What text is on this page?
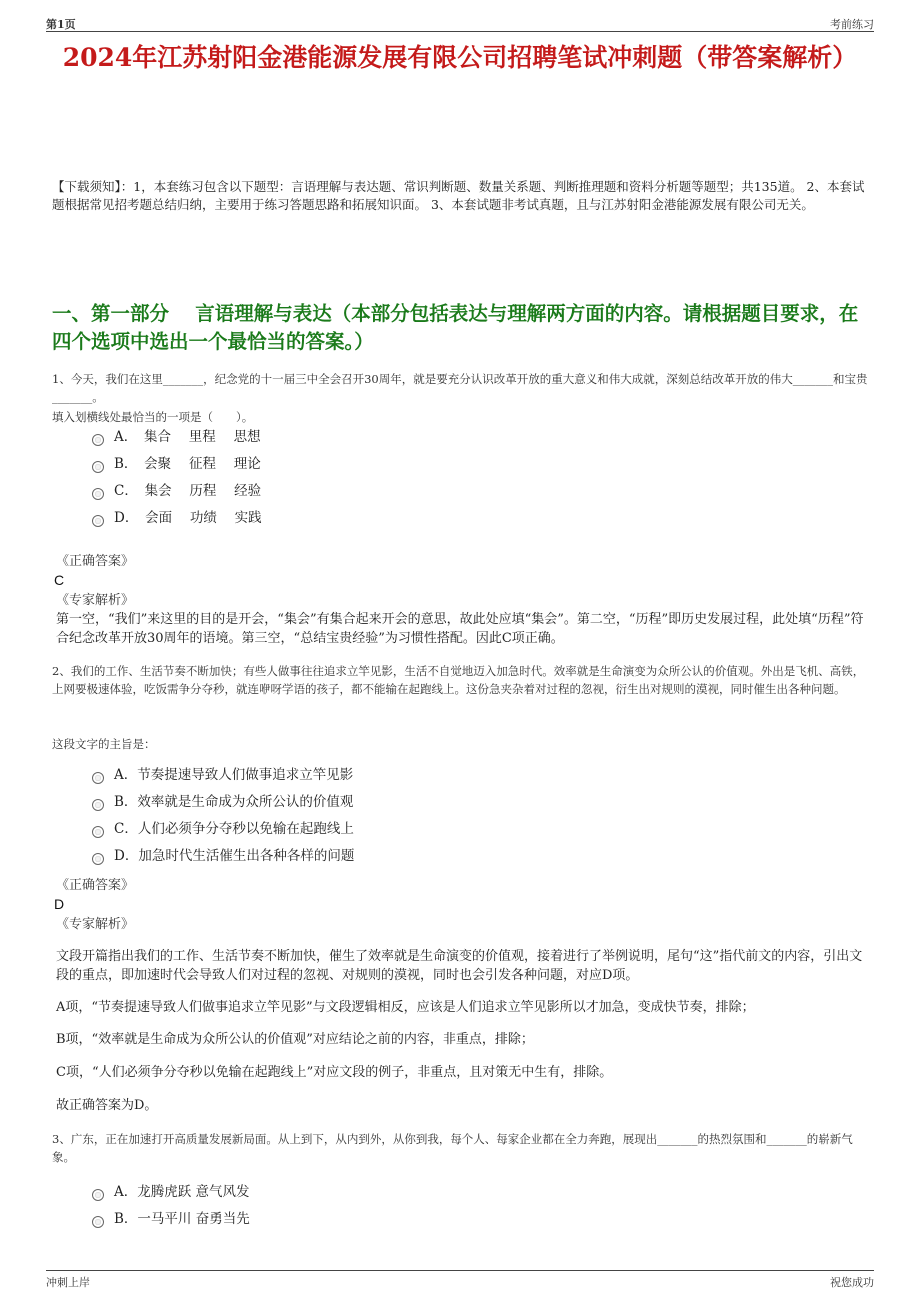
第1页	考前练习
2024年江苏射阳金港能源发展有限公司招聘笔试冲刺题（带答案解析）

【下载须知】：1，本套练习包含以下题型：言语理解与表达题、常识判断题、数量关系题、判断推理题和资料分析题等题型；共135道。 2、本套试题根据常见招考题总结归纳，主要用于练习答题思路和拓展知识面。 3、本套试题非考试真题，且与江苏射阳金港能源发展有限公司无关。

一、第一部分　 言语理解与表达（本部分包括表达与理解两方面的内容。请根据题目要求，在四个选项中选出一个最恰当的答案。）

1、今天，我们在这里_______，纪念党的十一届三中全会召开30周年，就是要充分认识改革开放的重大意义和伟大成就，深刻总结改革开放的伟大_______和宝贵_______。

填入划横线处最恰当的一项是（　　）。

A．　集合　 里程　 思想
B．　会聚　 征程　 理论
C．　集会　 历程　 经验
D．　会面　 功绩　 实践
《正确答案》
C
《专家解析》

第一空，“我们”来这里的目的是开会，“集会”有集合起来开会的意思，故此处应填“集会”。第二空，“历程”即历史发展过程，此处填“历程”符合纪念改革开放30周年的语境。第三空，“总结宝贵经验”为习惯性搭配。因此C项正确。

2、我们的工作、生活节奏不断加快；有些人做事往往追求立竿见影，生活不自觉地迈入加急时代。效率就是生命演变为众所公认的价值观。外出是飞机、高铁，上网要极速体验，吃饭需争分夺秒，就连咿呀学语的孩子，都不能输在起跑线上。这份急夹杂着对过程的忽视，衍生出对规则的漠视，同时催生出各种问题。

这段文字的主旨是：

A．节奏提速导致人们做事追求立竿见影
B．效率就是生命成为众所公认的价值观
C．人们必须争分夺秒以免输在起跑线上
D．加急时代生活催生出各种各样的问题
《正确答案》
D
《专家解析》

文段开篇指出我们的工作、生活节奏不断加快，催生了效率就是生命演变的价值观，接着进行了举例说明，尾句“这”指代前文的内容，引出文段的重点，即加速时代会导致人们对过程的忽视、对规则的漠视，同时也会引发各种问题，对应D项。

A项，“节奏提速导致人们做事追求立竿见影”与文段逻辑相反，应该是人们追求立竿见影所以才加急，变成快节奏，排除；

B项，“效率就是生命成为众所公认的价值观”对应结论之前的内容，非重点，排除；

C项，“人们必须争分夺秒以免输在起跑线上”对应文段的例子，非重点，且对策无中生有，排除。

故正确答案为D。

3、广东，正在加速打开高质量发展新局面。从上到下，从内到外，从你到我，每个人、每家企业都在全力奔跑，展现出_______的热烈氛围和_______的崭新气象。

A．龙腾虎跃 意气风发
B．一马平川 奋勇当先
冲刺上岸	祝您成功
